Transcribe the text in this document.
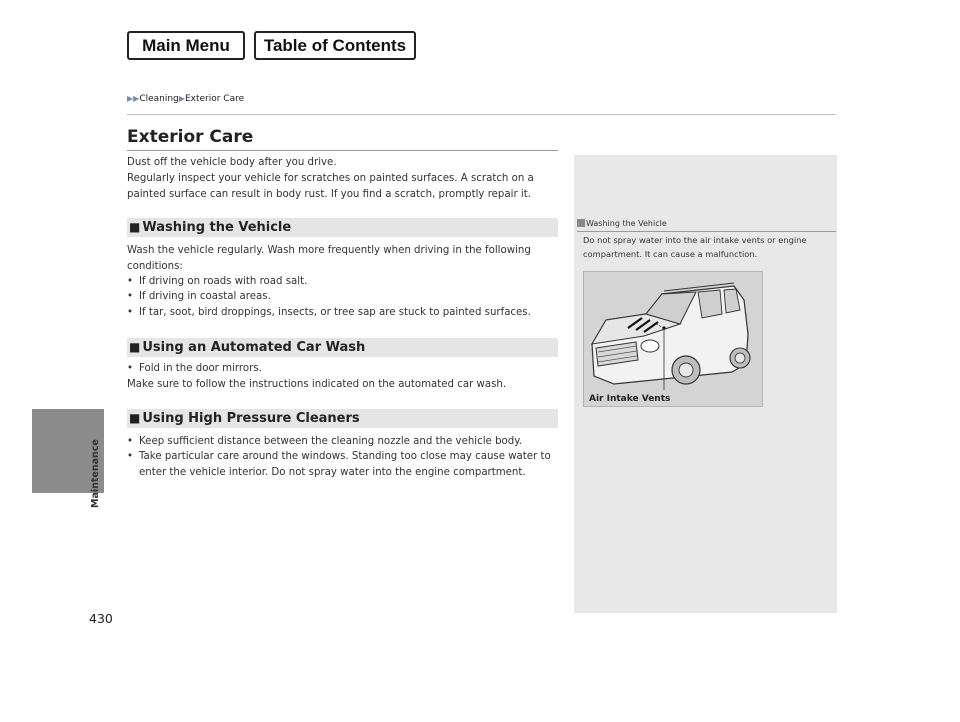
Main Menu	Table of Contents
▶▶Cleaning▶Exterior Care
Exterior Care
Dust off the vehicle body after you drive.
Regularly inspect your vehicle for scratches on painted surfaces. A scratch on a painted surface can result in body rust. If you find a scratch, promptly repair it.
■ Washing the Vehicle
Wash the vehicle regularly. Wash more frequently when driving in the following conditions:
• If driving on roads with road salt.
• If driving in coastal areas.
• If tar, soot, bird droppings, insects, or tree sap are stuck to painted surfaces.
■ Using an Automated Car Wash
• Fold in the door mirrors.
Make sure to follow the instructions indicated on the automated car wash.
■ Using High Pressure Cleaners
• Keep sufficient distance between the cleaning nozzle and the vehicle body.
• Take particular care around the windows. Standing too close may cause water to enter the vehicle interior. Do not spray water into the engine compartment.
Maintenance
430
Washing the Vehicle
Do not spray water into the air intake vents or engine compartment. It can cause a malfunction.
Air Intake Vents
